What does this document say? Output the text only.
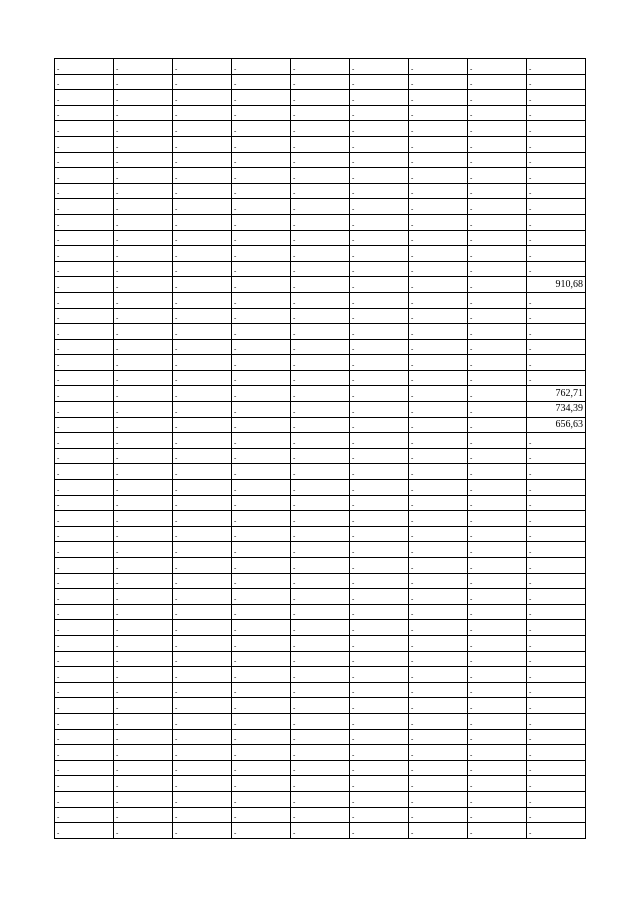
-	-	-	-	-	-	-	-	-
-	-	-	-	-	-	-	-	-
-	-	-	-	-	-	-	-	-
-	-	-	-	-	-	-	-	-
-	-	-	-	-	-	-	-	-
-	-	-	-	-	-	-	-	-
-	-	-	-	-	-	-	-	-
-	-	-	-	-	-	-	-	-
-	-	-	-	-	-	-	-	-
-	-	-	-	-	-	-	-	-
-	-	-	-	-	-	-	-	-
-	-	-	-	-	-	-	-	-
-	-	-	-	-	-	-	-	-
-	-	-	-	-	-	-	-	-
-	-	-	-	-	-	-	-	910,68
-	-	-	-	-	-	-	-	-
-	-	-	-	-	-	-	-	-
-	-	-	-	-	-	-	-	-
-	-	-	-	-	-	-	-	-
-	-	-	-	-	-	-	-	-
-	-	-	-	-	-	-	-	-
-	-	-	-	-	-	-	-	762,71
-	-	-	-	-	-	-	-	734,39
-	-	-	-	-	-	-	-	656,63
-	-	-	-	-	-	-	-	-
-	-	-	-	-	-	-	-	-
-	-	-	-	-	-	-	-	-
-	-	-	-	-	-	-	-	-
-	-	-	-	-	-	-	-	-
-	-	-	-	-	-	-	-	-
-	-	-	-	-	-	-	-	-
-	-	-	-	-	-	-	-	-
-	-	-	-	-	-	-	-	-
-	-	-	-	-	-	-	-	-
-	-	-	-	-	-	-	-	-
-	-	-	-	-	-	-	-	-
-	-	-	-	-	-	-	-	-
-	-	-	-	-	-	-	-	-
-	-	-	-	-	-	-	-	-
-	-	-	-	-	-	-	-	-
-	-	-	-	-	-	-	-	-
-	-	-	-	-	-	-	-	-
-	-	-	-	-	-	-	-	-
-	-	-	-	-	-	-	-	-
-	-	-	-	-	-	-	-	-
-	-	-	-	-	-	-	-	-
-	-	-	-	-	-	-	-	-
-	-	-	-	-	-	-	-	-
-	-	-	-	-	-	-	-	-
-	-	-	-	-	-	-	-	-
